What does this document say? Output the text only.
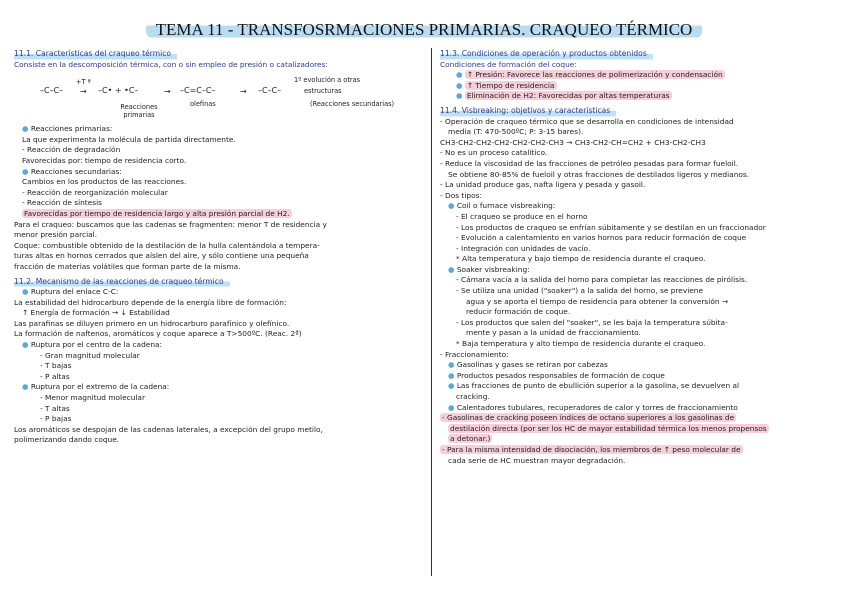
TEMA 11 - TRANSFOSRMACIONES PRIMARIAS. CRAQUEO TÉRMICO
11.1. Características del craqueo térmico
Consiste en la descomposición térmica, con o sin empleo de presión o catalizadores:
–C–C–
+T ª
→ –C• + •C–
Reacciones primarias
→ –C=C–C–
olefinas
→ –C–C–
1º evolución a otras
estructuras
(Reacciones secundarias)
● Reacciones primarias:
La que experimenta la molécula de partida directamente.
- Reacción de degradación
Favorecidas por: tiempo de residencia corto.
● Reacciones secundarias:
Cambios en los productos de las reacciones.
- Reacción de reorganización molecular
- Reacción de síntesis
Favorecidas por tiempo de residencia largo y alta presión parcial de H2.
Para el craqueo: buscamos que las cadenas se fragmenten: menor T de residencia y
menor presión parcial.
Coque: combustible obtenido de la destilación de la hulla calentándola a tempera-
turas altas en hornos cerrados que aíslen del aire, y sólo contiene una pequeña
fracción de materias volátiles que forman parte de la misma.
11.2. Mecanismo de las reacciones de craqueo térmico
● Ruptura del enlace C-C:
La estabilidad del hidrocarburo depende de la energía libre de formación:
↑ Energía de formación → ↓ Estabilidad
Las parafinas se diluyen primero en un hidrocarburo parafínico y olefínico.
La formación de naftenos, aromáticos y coque aparece a T>500ºC. (Reac. 2ª)
● Ruptura por el centro de la cadena:
- Gran magnitud molecular
- T bajas
- P altas
● Ruptura por el extremo de la cadena:
- Menor magnitud molecular
- T altas
- P bajas
Los aromáticos se despojan de las cadenas laterales, a excepción del grupo metilo,
polimerizando dando coque.
11.3. Condiciones de operación y productos obtenidos
Condiciones de formación del coque:
● ↑ Presión: Favorece las reacciones de polimerización y condensación
● ↑ Tiempo de residencia
● Eliminación de H2: Favorecidas por altas temperaturas
11.4. Visbreaking: objetivos y características
- Operación de craqueo térmico que se desarrolla en condiciones de intensidad
media (T: 470-500ºC; P: 3-15 bares).
CH3-CH2-CH2-CH2-CH2-CH2-CH3 → CH3-CH2-CH=CH2 + CH3-CH2-CH3
- No es un proceso catalítico.
- Reduce la viscosidad de las fracciones de petróleo pesadas para formar fueloil.
Se obtiene 80-85% de fueloil y otras fracciones de destilados ligeros y medianos.
- La unidad produce gas, nafta ligera y pesada y gasoil.
- Dos tipos:
● Coil o furnace visbreaking:
- El craqueo se produce en el horno
- Los productos de craqueo se enfrían súbitamente y se destilan en un fraccionador
- Evolución a calentamiento en varios hornos para reducir formación de coque
- Integración con unidades de vacío.
* Alta temperatura y bajo tiempo de residencia durante el craqueo.
● Soaker visbreaking:
- Cámara vacía a la salida del horno para completar las reacciones de pirólisis.
- Se utiliza una unidad ("soaker") a la salida del horno, se previene
agua y se aporta el tiempo de residencia para obtener la conversión →
reducir formación de coque.
- Los productos que salen del "soaker", se les baja la temperatura súbita-
mente y pasan a la unidad de fraccionamiento.
* Baja temperatura y alto tiempo de residencia durante el craqueo.
- Fraccionamiento:
● Gasolinas y gases se retiran por cabezas
● Productos pesados responsables de formación de coque
● Las fracciones de punto de ebullición superior a la gasolina, se devuelven al
cracking.
● Calentadores tubulares, recuperadores de calor y torres de fraccionamiento
- Gasolinas de cracking poseen índices de octano superiores a los gasolinas de
destilación directa (por ser los HC de mayor estabilidad térmica los menos propensos
a detonar.)
- Para la misma intensidad de disociación, los miembros de ↑ peso molecular de
cada serie de HC muestran mayor degradación.
